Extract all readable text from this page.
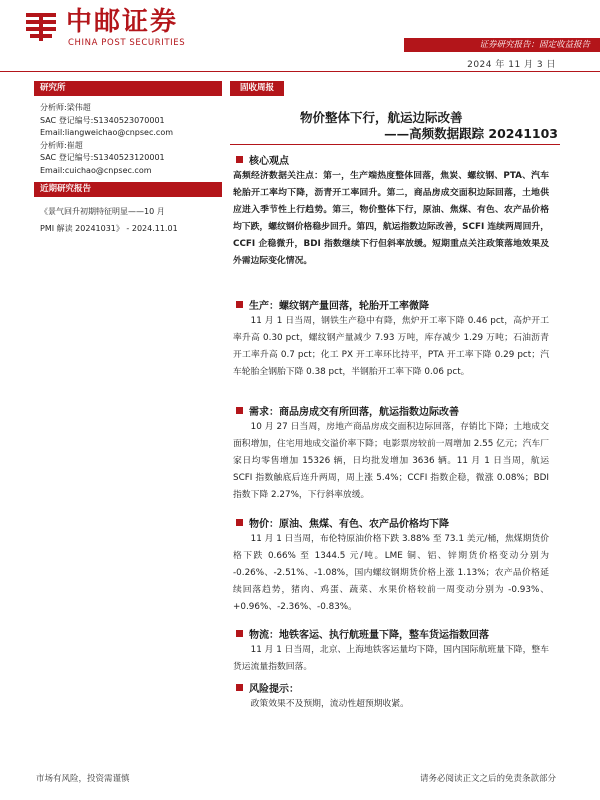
中邮证券
CHINA POST SECURITIES	证券研究报告：固定收益报告
2024 年 11 月 3 日
研究所
分析师:梁伟超
SAC 登记编号:S1340523070001
Email:liangweichao@cnpsec.com
分析师:崔超
SAC 登记编号:S1340523120001
Email:cuichao@cnpsec.com
近期研究报告
《景气回升初期特征明显——10 月
PMI 解读 20241031》 - 2024.11.01
固收周报
物价整体下行，航运边际改善
——高频数据跟踪 20241103
核心观点
高频经济数据关注点：第一，生产端热度整体回落，焦炭、螺纹钢、PTA、汽车轮胎开工率均下降，沥青开工率回升。第二，商品房成交面积边际回落，土地供应进入季节性上行趋势。第三，物价整体下行，原油、焦煤、有色、农产品价格均下跌，螺纹钢价格稳步回升。第四，航运指数边际改善，SCFI 连续两周回升，CCFI 企稳微升，BDI 指数继续下行但斜率放缓。短期重点关注政策落地效果及外需边际变化情况。
生产：螺纹钢产量回落，轮胎开工率微降
11 月 1 日当周，钢铁生产稳中有降，焦炉开工率下降 0.46 pct，高炉开工率升高 0.30 pct，螺纹钢产量减少 7.93 万吨，库存减少 1.29 万吨；石油沥青开工率升高 0.7 pct；化工 PX 开工率环比持平，PTA 开工率下降 0.29 pct；汽车轮胎全钢胎下降 0.38 pct，半钢胎开工率下降 0.06 pct。
需求：商品房成交有所回落，航运指数边际改善
10 月 27 日当周，房地产商品房成交面积边际回落，存销比下降；土地成交面积增加，住宅用地成交溢价率下降；电影票房较前一周增加 2.55 亿元；汽车厂家日均零售增加 15326 辆，日均批发增加 3636 辆。11 月 1 日当周，航运 SCFI 指数触底后连升两周，周上涨 5.4%；CCFI 指数企稳，微涨 0.08%；BDI 指数下降 2.27%，下行斜率放缓。
物价：原油、焦煤、有色、农产品价格均下降
11 月 1 日当周，布伦特原油价格下跌 3.88% 至 73.1 美元/桶，焦煤期货价格下跌 0.66% 至 1344.5 元/吨。LME 铜、铝、锌期货价格变动分别为 -0.26%、-2.51%、-1.08%，国内螺纹钢期货价格上涨 1.13%；农产品价格延续回落趋势，猪肉、鸡蛋、蔬菜、水果价格较前一周变动分别为 -0.93%、+0.96%、-2.36%、-0.83%。
物流：地铁客运、执行航班量下降，整车货运指数回落
11 月 1 日当周，北京、上海地铁客运量均下降，国内国际航班量下降，整车货运流量指数回落。
风险提示：
政策效果不及预期，流动性超预期收紧。
市场有风险，投资需谨慎	请务必阅读正文之后的免责条款部分
